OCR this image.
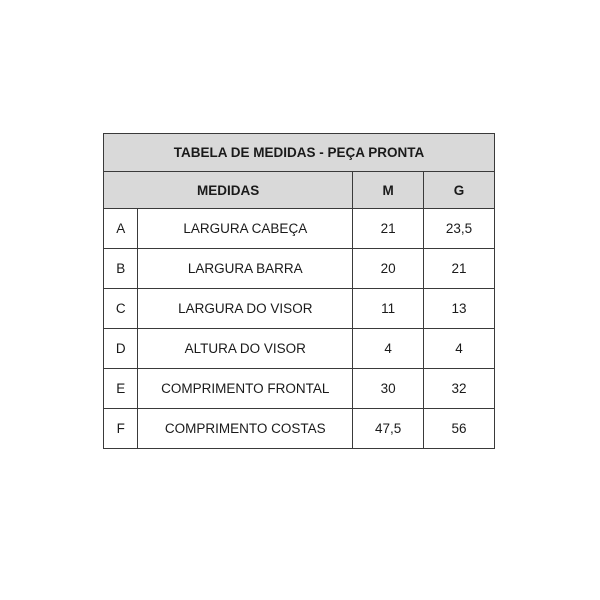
TABELA DE MEDIDAS - PEÇA PRONTA			
MEDIDAS		M	G
A	LARGURA CABEÇA	21	23,5
B	LARGURA BARRA	20	21
C	LARGURA DO VISOR	11	13
D	ALTURA DO VISOR	4	4
E	COMPRIMENTO FRONTAL	30	32
F	COMPRIMENTO COSTAS	47,5	56
